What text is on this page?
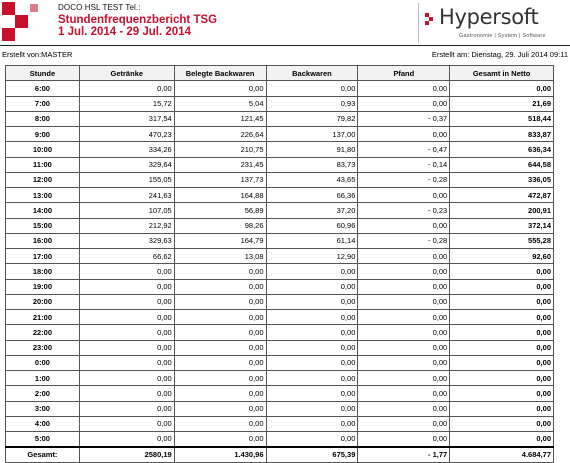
DOCO HSL TEST Tel.:
Stundenfrequenzbericht TSG
1 Jul. 2014 - 29 Jul. 2014
Hypersoft
Gastronomie | System | Software
Erstellt von:MASTER	Erstellt am: Dienstag, 29. Juli 2014 09:11
Stunde	Getränke	Belegte Backwaren	Backwaren	Pfand	Gesamt in Netto
6:00	0,00	0,00	0,00	0,00	0,00
7:00	15,72	5,04	0,93	0,00	21,69
8:00	317,54	121,45	79,82	- 0,37	518,44
9:00	470,23	226,64	137,00	0,00	833,87
10:00	334,26	210,75	91,80	- 0,47	636,34
11:00	329,64	231,45	83,73	- 0,14	644,58
12:00	155,05	137,73	43,65	- 0,28	336,05
13:00	241,63	164,88	66,36	0,00	472,87
14:00	107,05	56,89	37,20	- 0,23	200,91
15:00	212,92	98,26	60,96	0,00	372,14
16:00	329,63	164,79	61,14	- 0,28	555,28
17:00	66,62	13,08	12,90	0,00	92,60
18:00	0,00	0,00	0,00	0,00	0,00
19:00	0,00	0,00	0,00	0,00	0,00
20:00	0,00	0,00	0,00	0,00	0,00
21:00	0,00	0,00	0,00	0,00	0,00
22:00	0,00	0,00	0,00	0,00	0,00
23:00	0,00	0,00	0,00	0,00	0,00
0:00	0,00	0,00	0,00	0,00	0,00
1:00	0,00	0,00	0,00	0,00	0,00
2:00	0,00	0,00	0,00	0,00	0,00
3:00	0,00	0,00	0,00	0,00	0,00
4:00	0,00	0,00	0,00	0,00	0,00
5:00	0,00	0,00	0,00	0,00	0,00
Gesamt:	2580,19	1.430,96	675,39	- 1,77	4.684,77
